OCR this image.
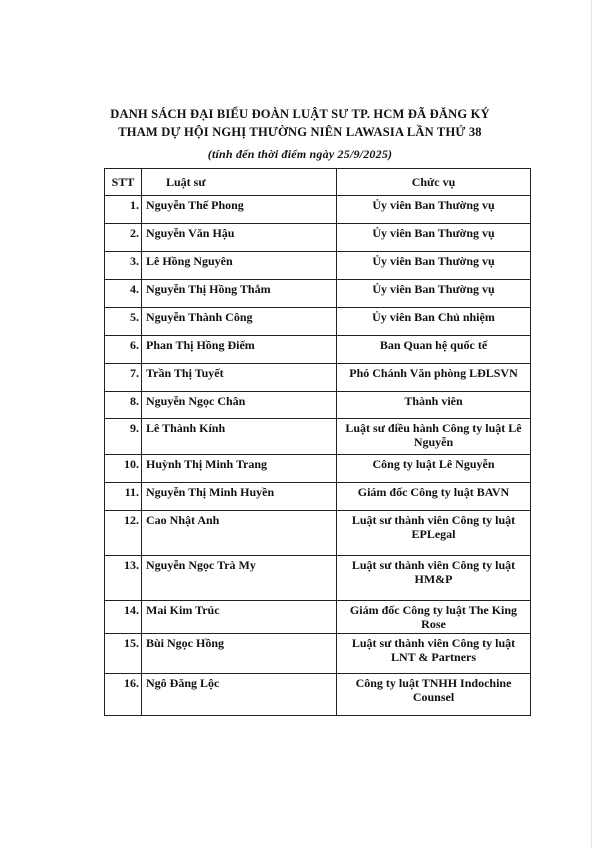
DANH SÁCH ĐẠI BIỂU ĐOÀN LUẬT SƯ TP. HCM ĐÃ ĐĂNG KÝ
THAM DỰ HỘI NGHỊ THƯỜNG NIÊN LAWASIA LẦN THỨ 38
(tính đến thời điểm ngày 25/9/2025)
STT	Luật sư	Chức vụ
1.	Nguyễn Thế Phong	Ủy viên Ban Thường vụ
2.	Nguyễn Văn Hậu	Ủy viên Ban Thường vụ
3.	Lê Hồng Nguyên	Ủy viên Ban Thường vụ
4.	Nguyễn Thị Hồng Thắm	Ủy viên Ban Thường vụ
5.	Nguyễn Thành Công	Ủy viên Ban Chủ nhiệm
6.	Phan Thị Hồng Điểm	Ban Quan hệ quốc tế
7.	Trần Thị Tuyết	Phó Chánh Văn phòng LĐLSVN
8.	Nguyễn Ngọc Chân	Thành viên
9.	Lê Thành Kính	Luật sư điều hành Công ty luật Lê Nguyễn
10.	Huỳnh Thị Minh Trang	Công ty luật Lê Nguyễn
11.	Nguyễn Thị Minh Huyền	Giám đốc Công ty luật BAVN
12.	Cao Nhật Anh	Luật sư thành viên Công ty luật EPLegal
13.	Nguyễn Ngọc Trà My	Luật sư thành viên Công ty luật HM&P
14.	Mai Kim Trúc	Giám đốc Công ty luật The King Rose
15.	Bùi Ngọc Hồng	Luật sư thành viên Công ty luật LNT & Partners
16.	Ngô Đăng Lộc	Công ty luật TNHH Indochine Counsel
